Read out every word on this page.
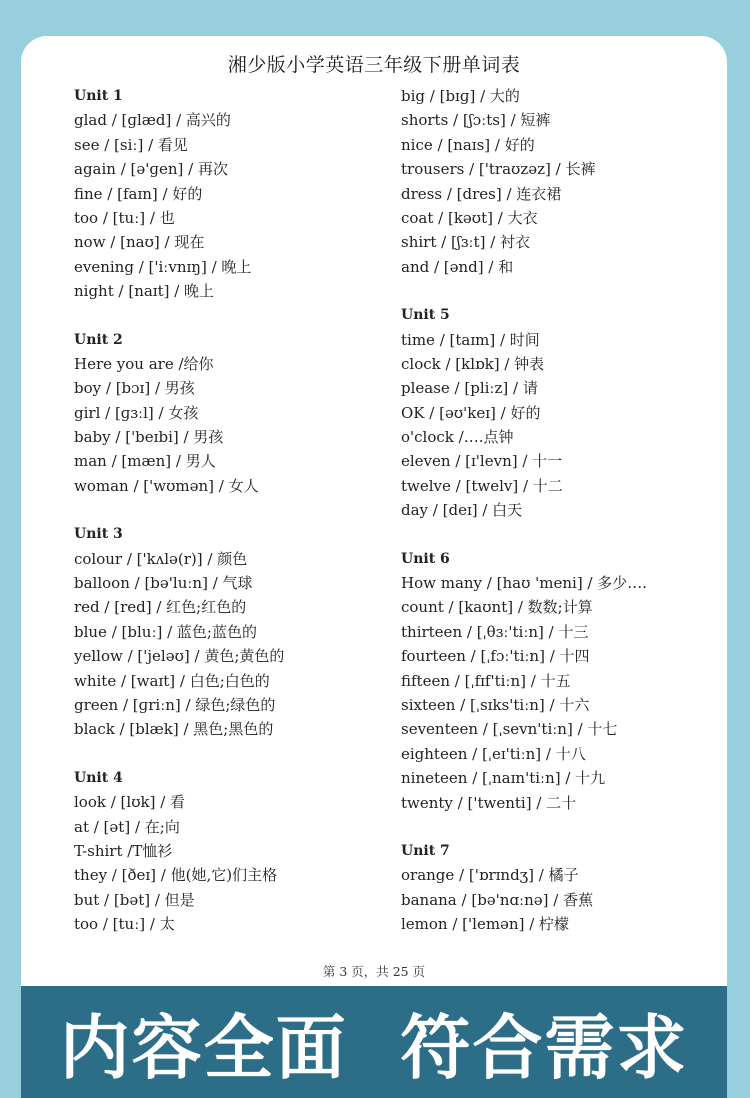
湘少版小学英语三年级下册单词表
Unit 1
glad / [ɡlæd] / 高兴的
see / [siː] / 看见
again / [ə'ɡen] / 再次
fine / [faɪn] / 好的
too / [tuː] / 也
now / [naʊ] / 现在
evening / ['iːvnɪŋ] / 晚上
night / [naɪt] / 晚上
Unit 2
Here you are /给你
boy / [bɔɪ] / 男孩
girl / [ɡɜːl] / 女孩
baby / ['beɪbi] / 男孩
man / [mæn] / 男人
woman / ['wʊmən] / 女人
Unit 3
colour / ['kʌlə(r)] / 颜色
balloon / [bə'luːn] / 气球
red / [red] / 红色;红色的
blue / [bluː] / 蓝色;蓝色的
yellow / ['jeləʊ] / 黄色;黄色的
white / [waɪt] / 白色;白色的
green / [ɡriːn] / 绿色;绿色的
black / [blæk] / 黑色;黑色的
Unit 4
look / [lʊk] / 看
at / [ət] / 在;向
T-shirt /T恤衫
they / [ðeɪ] / 他(她,它)们主格
but / [bət] / 但是
too / [tuː] / 太
big / [bɪɡ] / 大的
shorts / [ʃɔːts] / 短裤
nice / [naɪs] / 好的
trousers / ['traʊzəz] / 长裤
dress / [dres] / 连衣裙
coat / [kəʊt] / 大衣
shirt / [ʃɜːt] / 衬衣
and / [ənd] / 和
Unit 5
time / [taɪm] / 时间
clock / [klɒk] / 钟表
please / [pliːz] / 请
OK / [əʊ'keɪ] / 好的
o'clock /….点钟
eleven / [ɪ'levn] / 十一
twelve / [twelv] / 十二
day / [deɪ] / 白天
Unit 6
How many / [haʊ 'meni] / 多少….
count / [kaʊnt] / 数数;计算
thirteen / [ˌθɜː'tiːn] / 十三
fourteen / [ˌfɔː'tiːn] / 十四
fifteen / [ˌfɪf'tiːn] / 十五
sixteen / [ˌsɪks'tiːn] / 十六
seventeen / [ˌsevn'tiːn] / 十七
eighteen / [ˌeɪ'tiːn] / 十八
nineteen / [ˌnaɪn'tiːn] / 十九
twenty / ['twenti] / 二十
Unit 7
orange / ['ɒrɪndʒ] / 橘子
banana / [bə'nɑːnə] / 香蕉
lemon / ['lemən] / 柠檬
第 3 页，共 25 页
内容全面  符合需求
